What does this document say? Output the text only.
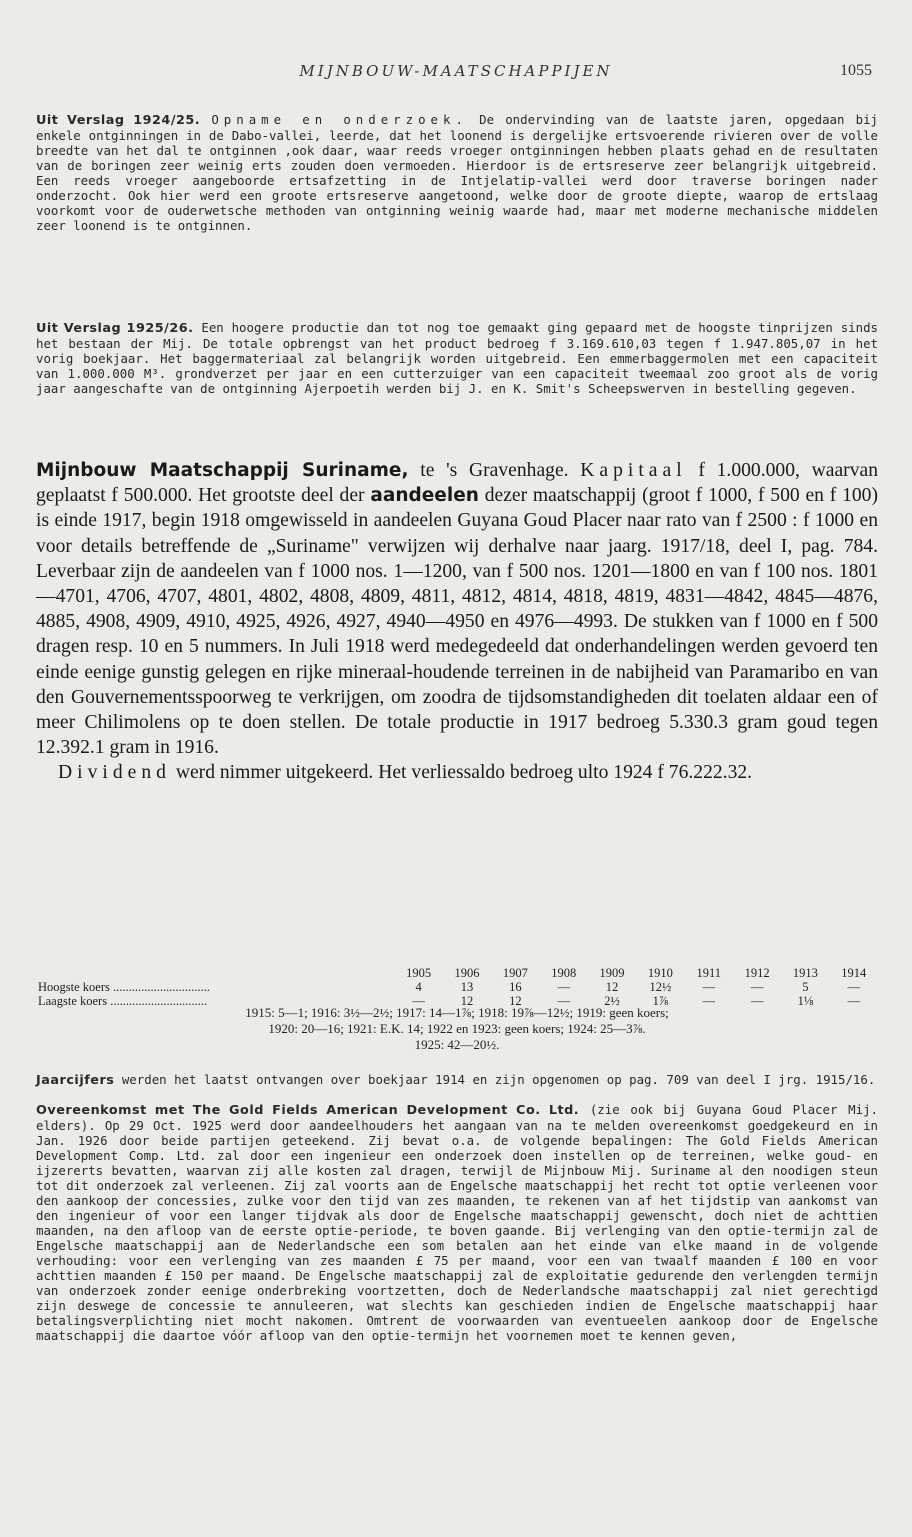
MIJNBOUW-MAATSCHAPPIJEN	1055

Uit Verslag 1924/25. Opname en onderzoek. De ondervinding van de laatste jaren, opgedaan bij enkele ontginningen in de Dabo-vallei, leerde, dat het loonend is dergelijke ertsvoerende rivieren over de volle breedte van het dal te ontginnen ,ook daar, waar reeds vroeger ontginningen hebben plaats gehad en de resultaten van de boringen zeer weinig erts zouden doen vermoeden. Hierdoor is de ertsreserve zeer belangrijk uitgebreid. Een reeds vroeger aangeboorde ertsafzetting in de Intjelatip-vallei werd door traverse boringen nader onderzocht. Ook hier werd een groote ertsreserve aangetoond, welke door de groote diepte, waarop de ertslaag voorkomt voor de ouderwetsche methoden van ontginning weinig waarde had, maar met moderne mechanische middelen zeer loonend is te ontginnen.

Uit Verslag 1925/26. Een hoogere productie dan tot nog toe gemaakt ging gepaard met de hoogste tinprijzen sinds het bestaan der Mij. De totale opbrengst van het product bedroeg f 3.169.610,03 tegen f 1.947.805,07 in het vorig boekjaar. Het baggermateriaal zal belangrijk worden uitgebreid. Een emmerbaggermolen met een capaciteit van 1.000.000 M³. grondverzet per jaar en een cutterzuiger van een capaciteit tweemaal zoo groot als de vorig jaar aangeschafte van de ontginning Ajerpoetih werden bij J. en K. Smit's Scheepswerven in bestelling gegeven.

Mijnbouw Maatschappij Suriname, te 's Gravenhage. Kapitaal f 1.000.000, waarvan geplaatst f 500.000. Het grootste deel der aandeelen dezer maatschappij (groot f 1000, f 500 en f 100) is einde 1917, begin 1918 omgewisseld in aandeelen Guyana Goud Placer naar rato van f 2500 : f 1000 en voor details betreffende de „Suriname" verwijzen wij derhalve naar jaarg. 1917/18, deel I, pag. 784. Leverbaar zijn de aandeelen van f 1000 nos. 1—1200, van f 500 nos. 1201—1800 en van f 100 nos. 1801—4701, 4706, 4707, 4801, 4802, 4808, 4809, 4811, 4812, 4814, 4818, 4819, 4831—4842, 4845—4876, 4885, 4908, 4909, 4910, 4925, 4926, 4927, 4940—4950 en 4976—4993. De stukken van f 1000 en f 500 dragen resp. 10 en 5 nummers. In Juli 1918 werd medegedeeld dat onderhandelingen werden gevoerd ten einde eenige gunstig gelegen en rijke mineraal-houdende terreinen in de nabijheid van Paramaribo en van den Gouvernementsspoorweg te verkrijgen, om zoodra de tijdsomstandigheden dit toelaten aldaar een of meer Chilimolens op te doen stellen. De totale productie in 1917 bedroeg 5.330.3 gram goud tegen 12.392.1 gram in 1916.
Dividend werd nimmer uitgekeerd. Het verliessaldo bedroeg ulto 1924 f 76.222.32.

	1905	1906	1907	1908	1909	1910	1911	1912	1913	1914
Hoogste koers ...............................	4	13	16	—	12	12½	—	—	5	—
Laagste koers ...............................	—	12	12	—	2½	1⅞	—	—	1⅛	—
1915: 5—1; 1916: 3½—2½; 1917: 14—1⅞; 1918: 19⅞—12½; 1919: geen koers;
1920: 20—16; 1921: E.K. 14; 1922 en 1923: geen koers; 1924: 25—3⅞.
1925: 42—20½.

Jaarcijfers werden het laatst ontvangen over boekjaar 1914 en zijn opgenomen op pag. 709 van deel I jrg. 1915/16.

Overeenkomst met The Gold Fields American Development Co. Ltd. (zie ook bij Guyana Goud Placer Mij. elders). Op 29 Oct. 1925 werd door aandeelhouders het aangaan van na te melden overeenkomst goedgekeurd en in Jan. 1926 door beide partijen geteekend. Zij bevat o.a. de volgende bepalingen: The Gold Fields American Development Comp. Ltd. zal door een ingenieur een onderzoek doen instellen op de terreinen, welke goud- en ijzererts bevatten, waarvan zij alle kosten zal dragen, terwijl de Mijnbouw Mij. Suriname al den noodigen steun tot dit onderzoek zal verleenen. Zij zal voorts aan de Engelsche maatschappij het recht tot optie verleenen voor den aankoop der concessies, zulke voor den tijd van zes maanden, te rekenen van af het tijdstip van aankomst van den ingenieur of voor een langer tijdvak als door de Engelsche maatschappij gewenscht, doch niet de achttien maanden, na den afloop van de eerste optie-periode, te boven gaande. Bij verlenging van den optie-termijn zal de Engelsche maatschappij aan de Nederlandsche een som betalen aan het einde van elke maand in de volgende verhouding: voor een verlenging van zes maanden £ 75 per maand, voor een van twaalf maanden £ 100 en voor achttien maanden £ 150 per maand. De Engelsche maatschappij zal de exploitatie gedurende den verlengden termijn van onderzoek zonder eenige onderbreking voortzetten, doch de Nederlandsche maatschappij zal niet gerechtigd zijn deswege de concessie te annuleeren, wat slechts kan geschieden indien de Engelsche maatschappij haar betalingsverplichting niet mocht nakomen. Omtrent de voorwaarden van eventueelen aankoop door de Engelsche maatschappij die daartoe vóór afloop van den optie-termijn het voornemen moet te kennen geven,
